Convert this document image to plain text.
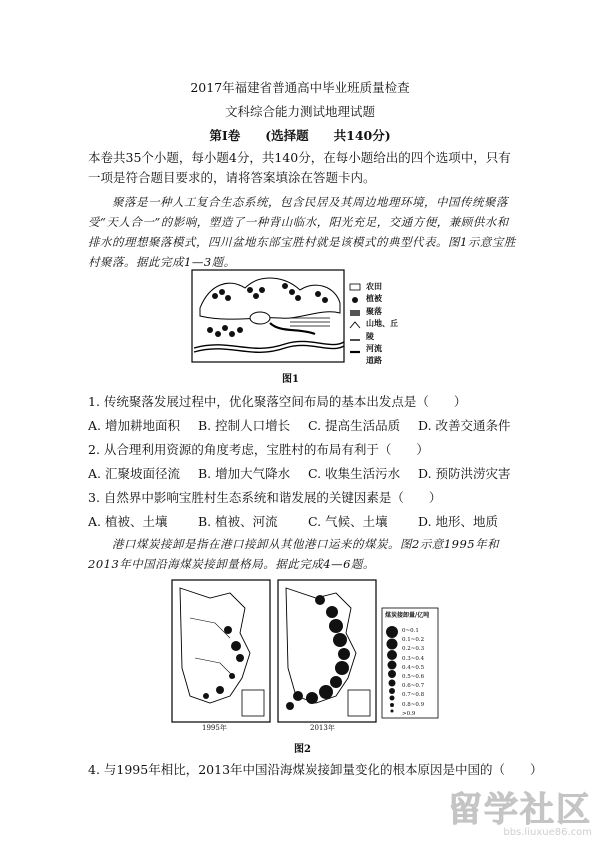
2017年福建省普通高中毕业班质量检查
文科综合能力测试地理试题
第Ⅰ卷　　(选择题　　共140分)
本卷共35个小题，每小题4分，共140分，在每小题给出的四个选项中，只有一项是符合题目要求的，请将答案填涂在答题卡内。
聚落是一种人工复合生态系统，包含民居及其周边地理环境，中国传统聚落受“天人合一”的影响，塑造了一种背山临水，阳光充足，交通方便，兼顾供水和排水的理想聚落模式，四川盆地东部宝胜村就是该模式的典型代表。图1示意宝胜村聚落。据此完成1—3题。
农田
植被
聚落
山地、丘陵
河流
道路
图1
1. 传统聚落发展过程中，优化聚落空间布局的基本出发点是（　　）
A. 增加耕地面积	B. 控制人口增长	C. 提高生活品质	D. 改善交通条件
2. 从合理利用资源的角度考虑，宝胜村的布局有利于（　　）
A. 汇聚坡面径流	B. 增加大气降水	C. 收集生活污水	D. 预防洪涝灾害
3. 自然界中影响宝胜村生态系统和谐发展的关键因素是（　　）
A. 植被、土壤	B. 植被、河流	C. 气候、土壤	D. 地形、地质
港口煤炭接卸是指在港口接卸从其他港口运来的煤炭。图2示意1995年和2013年中国沿海煤炭接卸量格局。据此完成4—6题。
煤炭接卸量/亿吨
0~0.1
0.1~0.2
0.2~0.3
0.3~0.4
0.4~0.5
0.5~0.6
0.6~0.7
0.7~0.8
0.8~0.9
>0.9
1995年	2013年
图2
4. 与1995年相比，2013年中国沿海煤炭接卸量变化的根本原因是中国的（　　）
留学社区
bbs.liuxue86.com
